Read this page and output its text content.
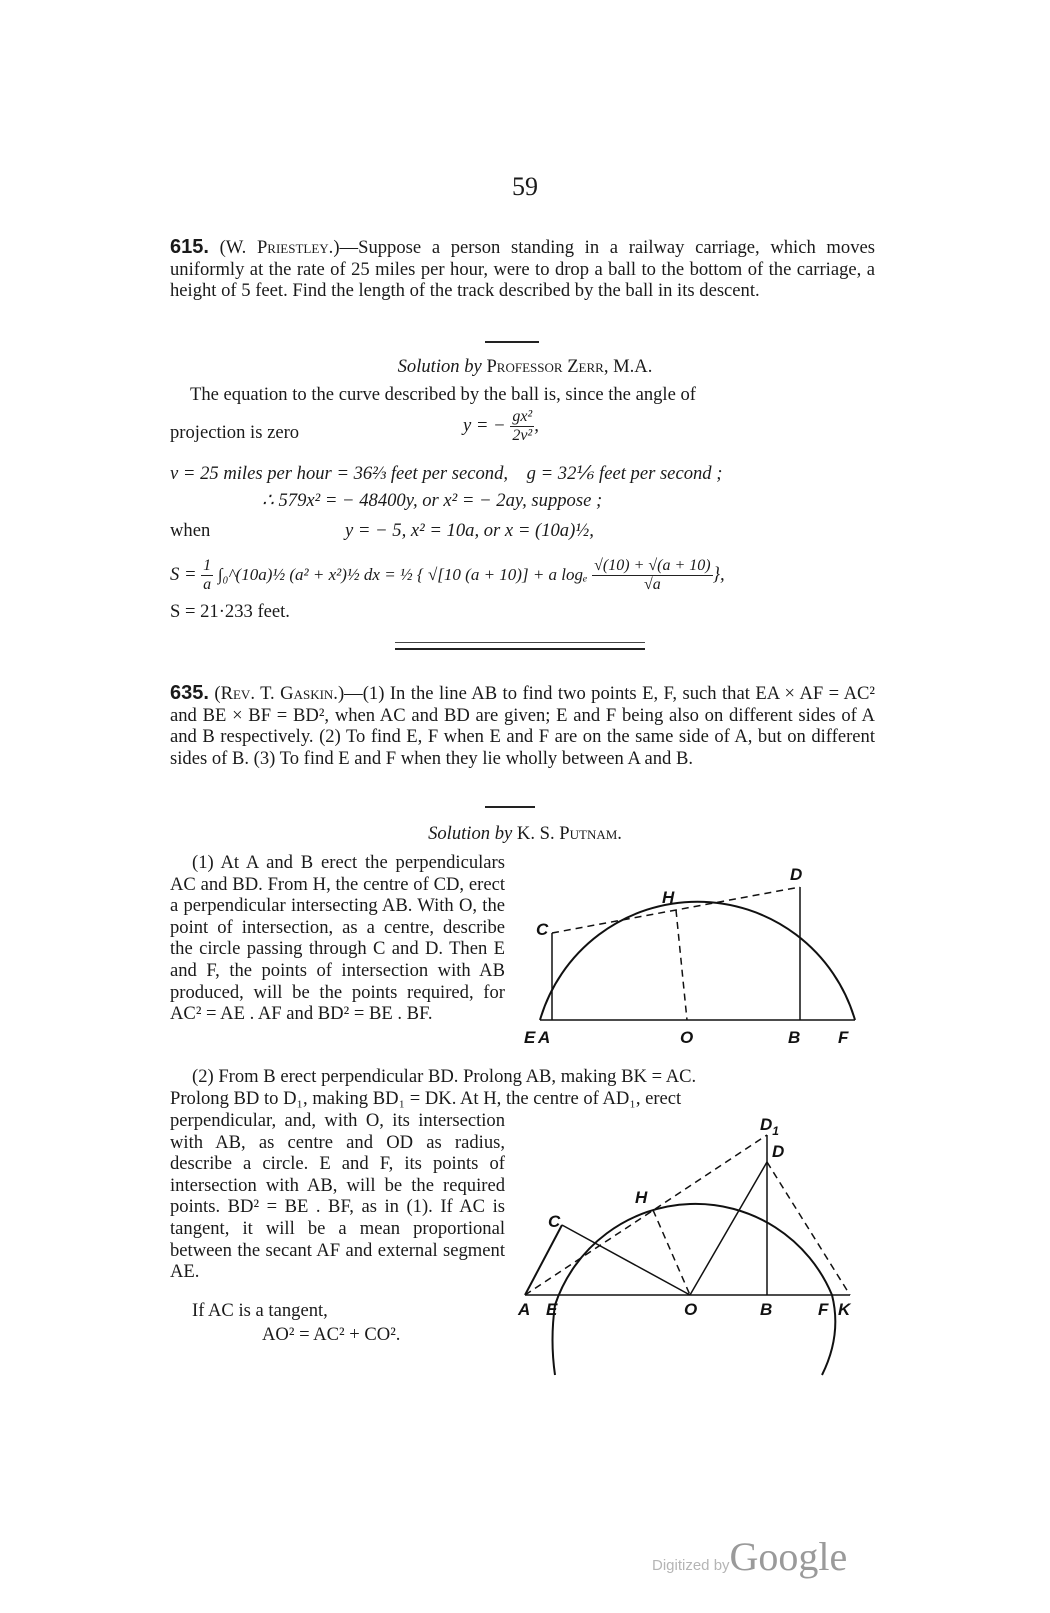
59
615. (W. Priestley.)—Suppose a person standing in a railway carriage, which moves uniformly at the rate of 25 miles per hour, were to drop a ball to the bottom of the carriage, a height of 5 feet. Find the length of the track described by the ball in its descent.
Solution by Professor Zerr, M.A.
The equation to the curve described by the ball is, since the angle of
projection is zero	y = − $\frac{\text{gx²}}{\text{2v²}}$ ,
v = 25 miles per hour = 36⅔ feet per second, g = 32⅙ feet per second ;
∴ 579x² = − 48400y, or x² = − 2ay, suppose ;
when	y = − 5, x² = 10a, or x = (10a)½,
$S = \frac{1}{a}$ ∫₀^(10a)½ (a² + x²)½ dx = ½ { √[10 (a + 10)] + a logₑ $\frac{√(10) + √(a + 10)}{√a}$ },
S = 21·233 feet.
635. (Rev. T. Gaskin.)—(1) In the line AB to find two points E, F, such that EA × AF = AC² and BE × BF = BD², when AC and BD are given; E and F being also on different sides of A and B respectively. (2) To find E, F when E and F are on the same side of A, but on different sides of B. (3) To find E and F when they lie wholly between A and B.
Solution by K. S. Putnam.
(1) At A and B erect the perpendiculars AC and BD. From H, the centre of CD, erect a perpendicular intersecting AB. With O, the point of intersection, as a centre, describe the circle passing through C and D. Then E and F, the points of intersection with AB produced, will be the points required, for AC² = AE . AF and BD² = BE . BF.
D
H
C
E A	O	B F
(2) From B erect perpendicular BD. Prolong AB, making BK = AC.
Prolong BD to D₁, making BD₁ = DK. At H, the centre of AD₁, erect
perpendicular, and, with O, its intersection with AB, as centre and OD as radius, describe a circle. E and F, its points of intersection with AB, will be the required points. BD² = BE . BF, as in (1). If AC is tangent, it will be a mean proportional between the secant AF and external segment AE.
If AC is a tangent,
AO² = AC² + CO².
$D_1$
D
H
C
A E	O	B	F K
Digitized byGoogle
